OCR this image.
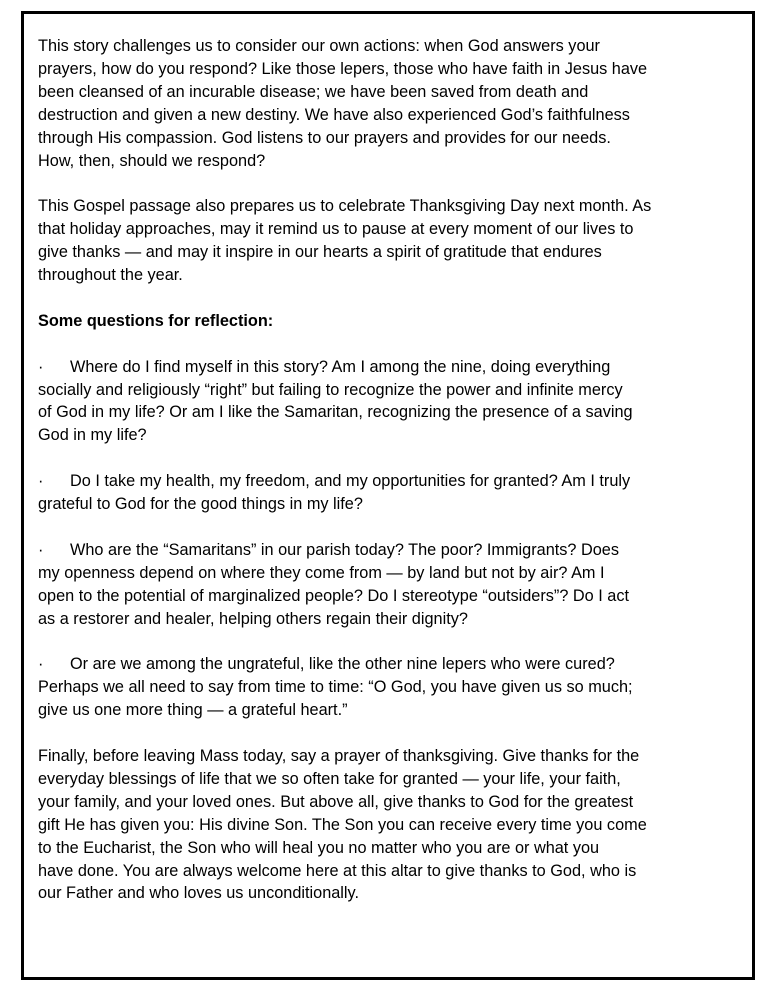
This story challenges us to consider our own actions: when God answers your
prayers, how do you respond? Like those lepers, those who have faith in Jesus have
been cleansed of an incurable disease; we have been saved from death and
destruction and given a new destiny. We have also experienced God’s faithfulness
through His compassion. God listens to our prayers and provides for our needs.
How, then, should we respond?
This Gospel passage also prepares us to celebrate Thanksgiving Day next month. As
that holiday approaches, may it remind us to pause at every moment of our lives to
give thanks — and may it inspire in our hearts a spirit of gratitude that endures
throughout the year.
Some questions for reflection:
· Where do I find myself in this story? Am I among the nine, doing everything
socially and religiously “right” but failing to recognize the power and infinite mercy
of God in my life? Or am I like the Samaritan, recognizing the presence of a saving
God in my life?
· Do I take my health, my freedom, and my opportunities for granted? Am I truly
grateful to God for the good things in my life?
· Who are the “Samaritans” in our parish today? The poor? Immigrants? Does
my openness depend on where they come from — by land but not by air? Am I
open to the potential of marginalized people? Do I stereotype “outsiders”? Do I act
as a restorer and healer, helping others regain their dignity?
· Or are we among the ungrateful, like the other nine lepers who were cured?
Perhaps we all need to say from time to time: “O God, you have given us so much;
give us one more thing — a grateful heart.”
Finally, before leaving Mass today, say a prayer of thanksgiving. Give thanks for the
everyday blessings of life that we so often take for granted — your life, your faith,
your family, and your loved ones. But above all, give thanks to God for the greatest
gift He has given you: His divine Son. The Son you can receive every time you come
to the Eucharist, the Son who will heal you no matter who you are or what you
have done. You are always welcome here at this altar to give thanks to God, who is
our Father and who loves us unconditionally.
